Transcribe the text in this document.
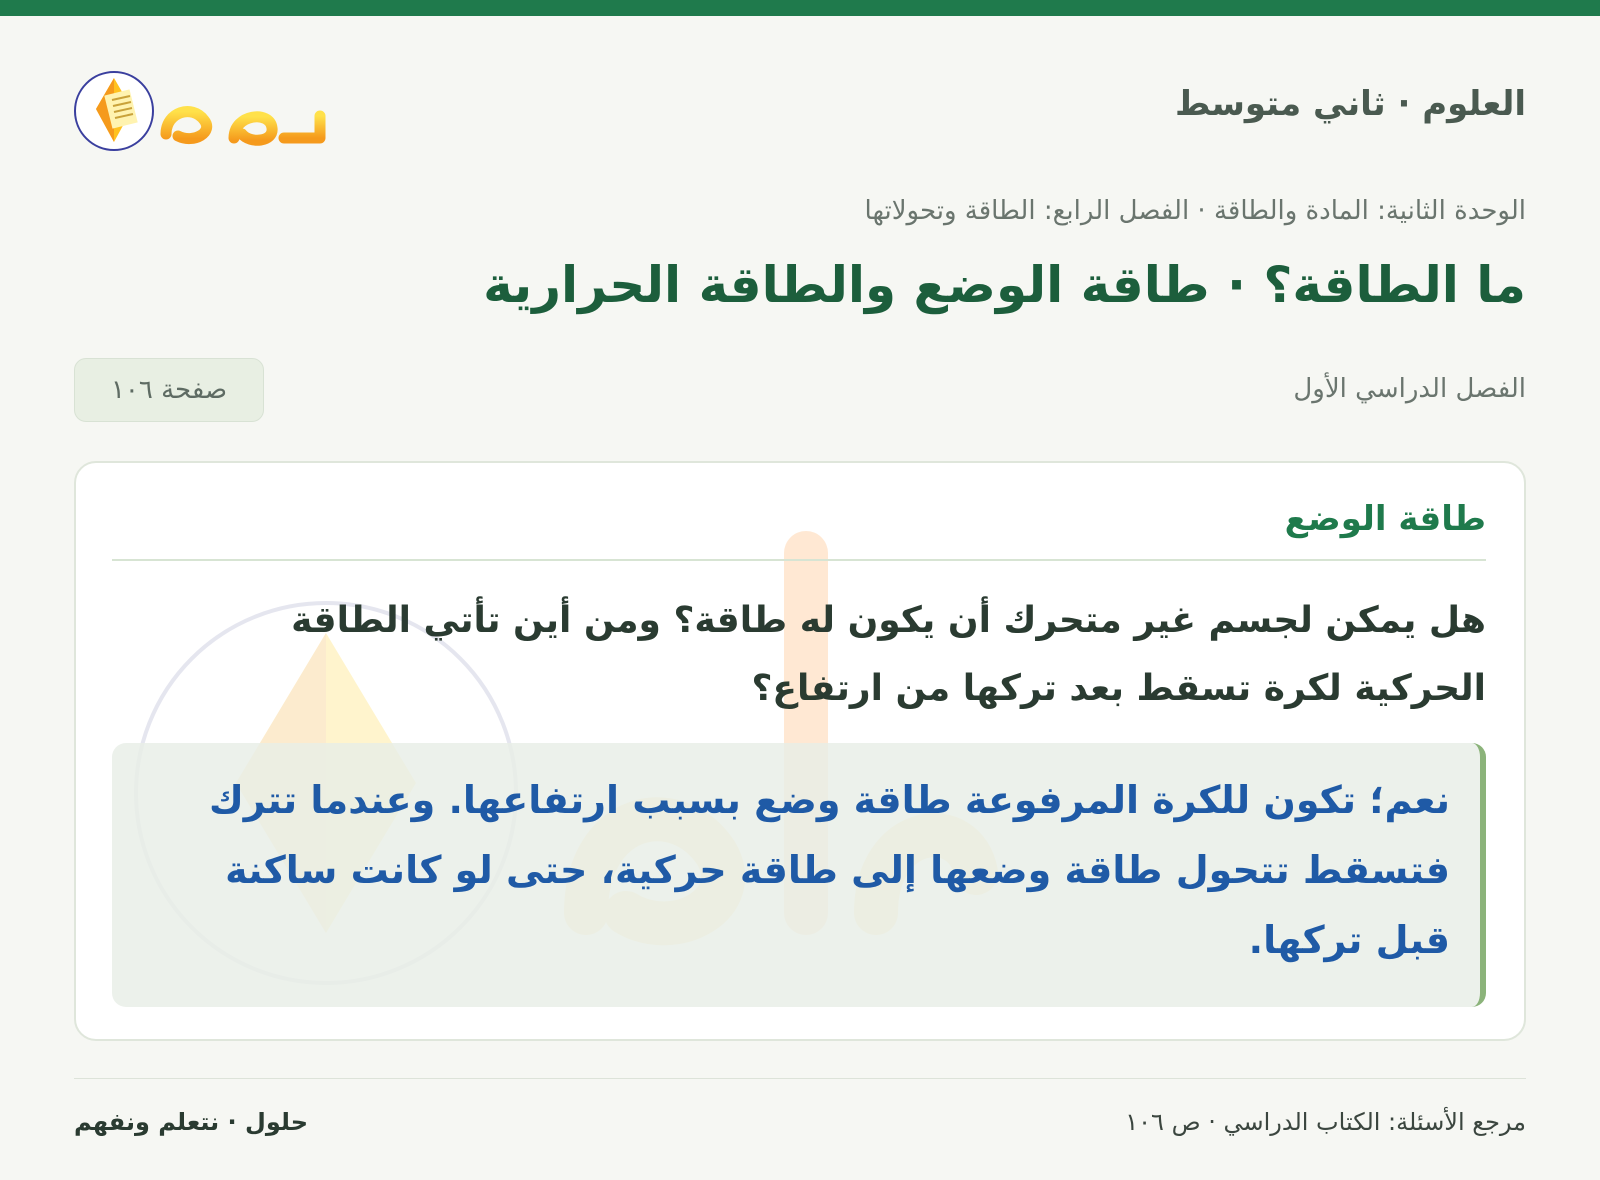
العلوم · ثاني متوسط
الوحدة الثانية: المادة والطاقة · الفصل الرابع: الطاقة وتحولاتها
ما الطاقة؟ · طاقة الوضع والطاقة الحرارية
الفصل الدراسي الأول
صفحة ١٠٦
طاقة الوضع

هل يمكن لجسم غير متحرك أن يكون له طاقة؟ ومن أين تأتي الطاقة الحركية لكرة تسقط بعد تركها من ارتفاع؟

نعم؛ تكون للكرة المرفوعة طاقة وضع بسبب ارتفاعها. وعندما تترك فتسقط تتحول طاقة وضعها إلى طاقة حركية، حتى لو كانت ساكنة قبل تركها.

مرجع الأسئلة: الكتاب الدراسي · ص ١٠٦
حلول · نتعلم ونفهم
